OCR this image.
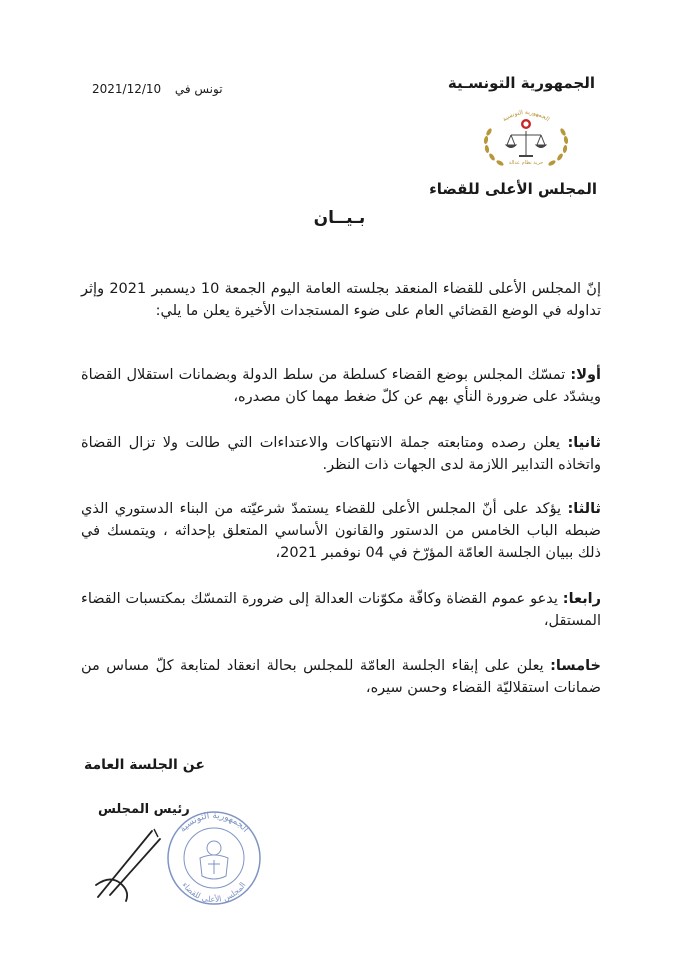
الجمهورية التونسـية
2021/12/10 تونس في
الجمهورية التونسية
حرية نظام عدالة
المجلس الأعلى للقضاء
بـيــان
إنّ المجلس الأعلى للقضاء المنعقد بجلسته العامة اليوم الجمعة 10 ديسمبر 2021 وإثر تداوله في الوضع القضائي العام على ضوء المستجدات الأخيرة يعلن ما يلي:
أولا: تمسّك المجلس بوضع القضاء كسلطة من سلط الدولة وبضمانات استقلال القضاة ويشدّد على ضرورة النأي بهم عن كلّ ضغط مهما كان مصدره،
ثانيا: يعلن رصده ومتابعته جملة الانتهاكات والاعتداءات التي طالت ولا تزال القضاة واتخاذه التدابير اللازمة لدى الجهات ذات النظر.
ثالثا: يؤكد على أنّ المجلس الأعلى للقضاء يستمدّ شرعيّته من البناء الدستوري الذي ضبطه الباب الخامس من الدستور والقانون الأساسي المتعلق بإحداثه ، ويتمسك في ذلك ببيان الجلسة العامّة المؤرّخ في 04 نوفمبر 2021،
رابعا: يدعو عموم القضاة وكافّة مكوّنات العدالة إلى ضرورة التمسّك بمكتسبات القضاء المستقل،
خامسا: يعلن على إبقاء الجلسة العامّة للمجلس بحالة انعقاد لمتابعة كلّ مساس من ضمانات استقلاليّة القضاء وحسن سيره،
عن الجلسة العامة
رئيس المجلس
الجمهورية التونسية
المجلس الأعلى للقضاء
